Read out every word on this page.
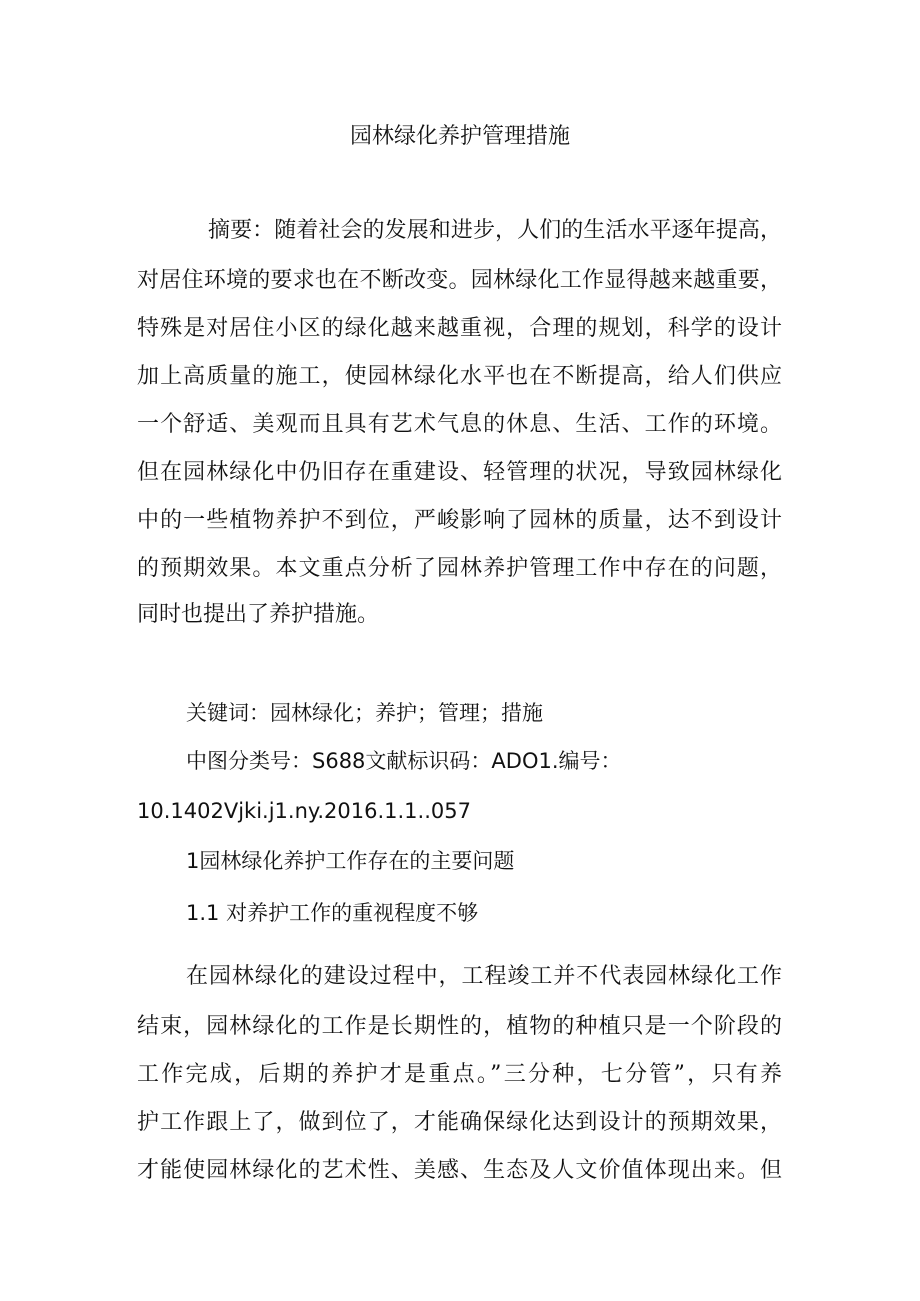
园林绿化养护管理措施
摘要：随着社会的发展和进步，人们的生活水平逐年提高，
对居住环境的要求也在不断改变。园林绿化工作显得越来越重要，
特殊是对居住小区的绿化越来越重视，合理的规划，科学的设计
加上高质量的施工，使园林绿化水平也在不断提高，给人们供应
一个舒适、美观而且具有艺术气息的休息、生活、工作的环境。
但在园林绿化中仍旧存在重建设、轻管理的状况，导致园林绿化
中的一些植物养护不到位，严峻影响了园林的质量，达不到设计
的预期效果。本文重点分析了园林养护管理工作中存在的问题，
同时也提出了养护措施。
关键词：园林绿化；养护；管理；措施
中图分类号：S688文献标识码：ADO1.编号：
10.1402Vjki.j1.ny.2016.1.1..057
1园林绿化养护工作存在的主要问题
1.1 对养护工作的重视程度不够
在园林绿化的建设过程中，工程竣工并不代表园林绿化工作
结束，园林绿化的工作是长期性的，植物的种植只是一个阶段的
工作完成，后期的养护才是重点。”三分种，七分管”，只有养
护工作跟上了，做到位了，才能确保绿化达到设计的预期效果，
才能使园林绿化的艺术性、美感、生态及人文价值体现出来。但
